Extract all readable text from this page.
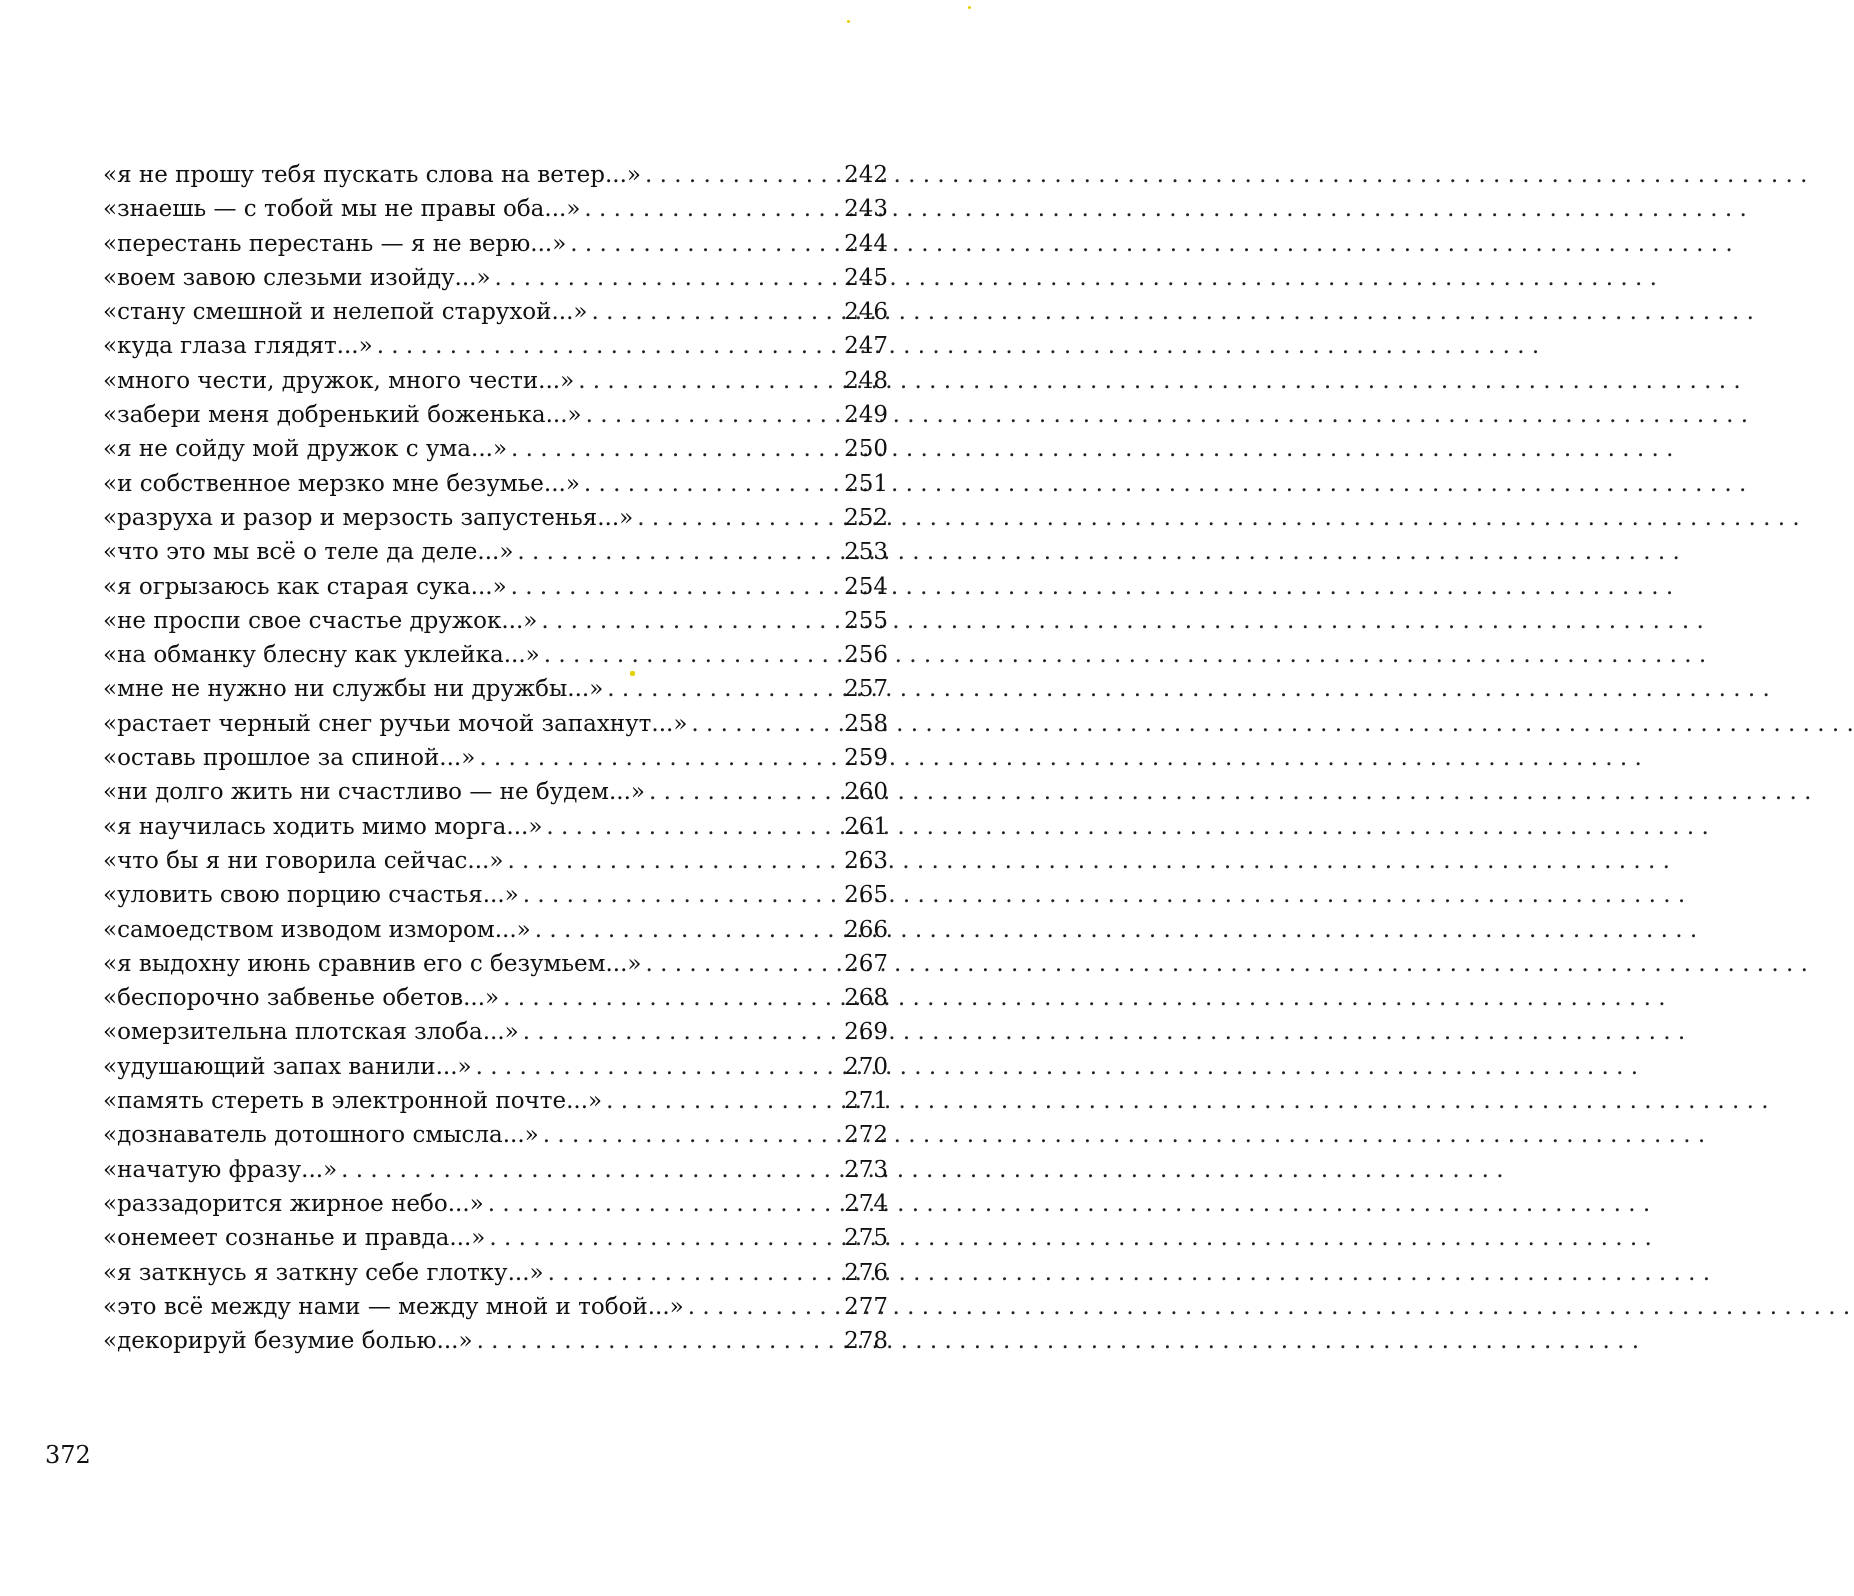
«я не прошу тебя пускать слова на ветер...» . . .	242
«знаешь — с тобой мы не правы оба...» . . .	243
«перестань перестань — я не верю...» . . .	244
«воем завою слезьми изойду...» . . .	245
«стану смешной и нелепой старухой...» . . .	246
«куда глаза глядят...» . . .	247
«много чести, дружок, много чести...» . . .	248
«забери меня добренький боженька...» . . .	249
«я не сойду мой дружок с ума...» . . .	250
«и собственное мерзко мне безумье...» . . .	251
«разруха и разор и мерзость запустенья...» . . .	252
«что это мы всё о теле да деле...» . . .	253
«я огрызаюсь как старая сука...» . . .	254
«не проспи свое счастье дружок...» . . .	255
«на обманку блесну как уклейка...» . . .	256
«мне не нужно ни службы ни дружбы...» . . .	257
«растает черный снег ручьи мочой запахнут...» . . .	258
«оставь прошлое за спиной...» . . .	259
«ни долго жить ни счастливо — не будем...» . . .	260
«я научилась ходить мимо морга...» . . .	261
«что бы я ни говорила сейчас...» . . .	263
«уловить свою порцию счастья...» . . .	265
«самоедством изводом измором...» . . .	266
«я выдохну июнь сравнив его с безумьем...» . . .	267
«беспорочно забвенье обетов...» . . .	268
«омерзительна плотская злоба...» . . .	269
«удушающий запах ванили...» . . .	270
«память стереть в электронной почте...» . . .	271
«дознаватель дотошного смысла...» . . .	272
«начатую фразу...» . . .	273
«раззадорится жирное небо...» . . .	274
«онемеет сознанье и правда...» . . .	275
«я заткнусь я заткну себе глотку...» . . .	276
«это всё между нами — между мной и тобой...» . . .	277
«декорируй безумие болью...» . . .	278
372
